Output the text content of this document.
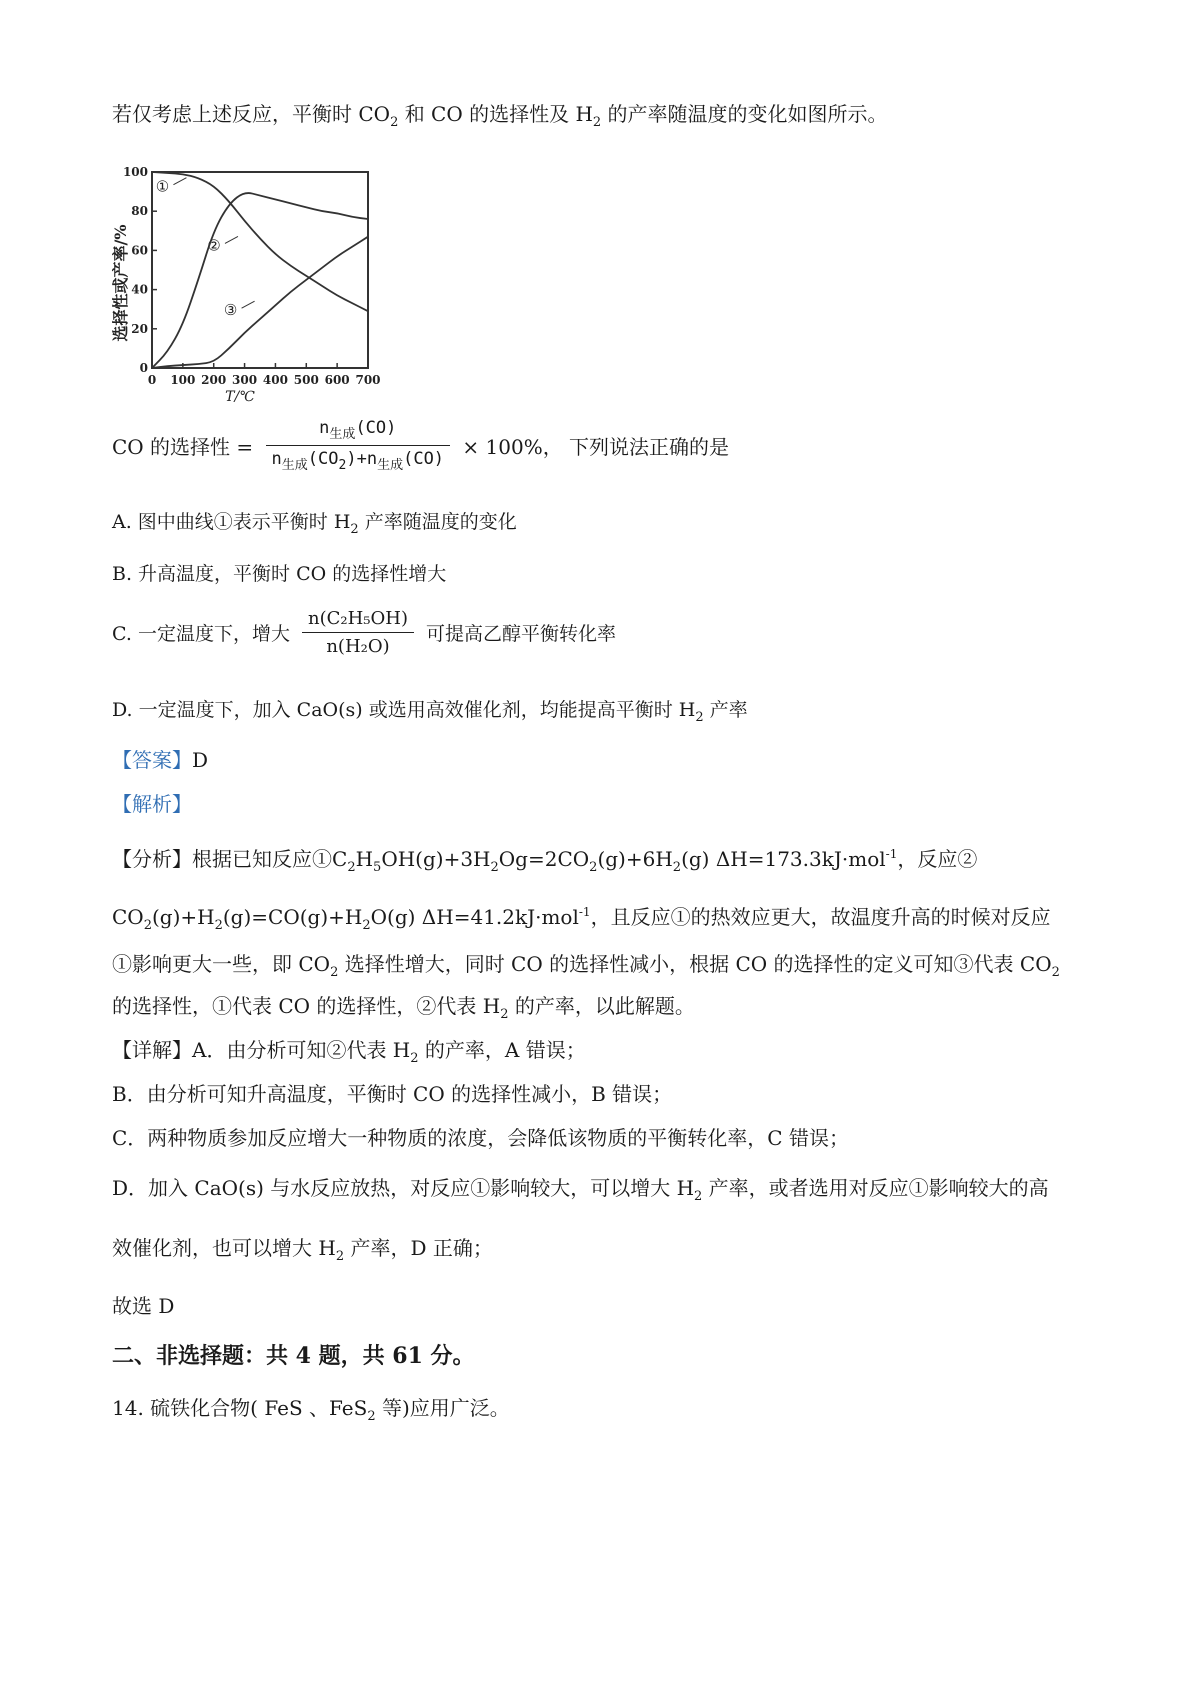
若仅考虑上述反应，平衡时 $CO_2$ 和 CO 的选择性及 $H_2$ 的产率随温度的变化如图所示。
选择性或产率/%
T/℃
0 100 200 300 400 500 600 700
0
20
40
60
80
100
①
②
③
CO 的选择性 = $\frac{n_{生成}(CO)}{n_{生成}(CO_2)+n_{生成}(CO)} \times 100\%$， 下列说法正确的是
A. 图中曲线①表示平衡时 $H_2$ 产率随温度的变化
B. 升高温度，平衡时 CO 的选择性增大
C. 一定温度下，增大 $\frac{\text{n(C₂H₅OH)}}{\text{n(H₂O)}}$ 可提高乙醇平衡转化率
D. 一定温度下，加入 CaO(s) 或选用高效催化剂，均能提高平衡时 $H_2$ 产率
【答案】D
【解析】
【分析】根据已知反应$①C_2H_5OH(g)+3H_2Og=2CO_2(g)+6H_2(g)$ ΔH=173.3kJ·mol$^{-1}$，反应②
$CO_2(g)+H_2(g)=CO(g)+H_2O(g)$ ΔH=41.2kJ·mol$^{-1}$，且反应①的热效应更大，故温度升高的时候对反应
①影响更大一些，即 $CO_2$ 选择性增大，同时 CO 的选择性减小，根据 CO 的选择性的定义可知③代表 $CO_2$
的选择性，①代表 CO 的选择性，②代表 $H_2$ 的产率，以此解题。
【详解】A．由分析可知②代表 $H_2$ 的产率，A 错误；
B．由分析可知升高温度，平衡时 CO 的选择性减小，B 错误；
C．两种物质参加反应增大一种物质的浓度，会降低该物质的平衡转化率，C 错误；
D．加入 CaO(s) 与水反应放热，对反应①影响较大，可以增大 $H_2$ 产率，或者选用对反应①影响较大的高
效催化剂，也可以增大 $H_2$ 产率，D 正确；
故选 D
二、非选择题：共 4 题，共 61 分。
14. 硫铁化合物( FeS 、FeS$_2$ 等)应用广泛。
